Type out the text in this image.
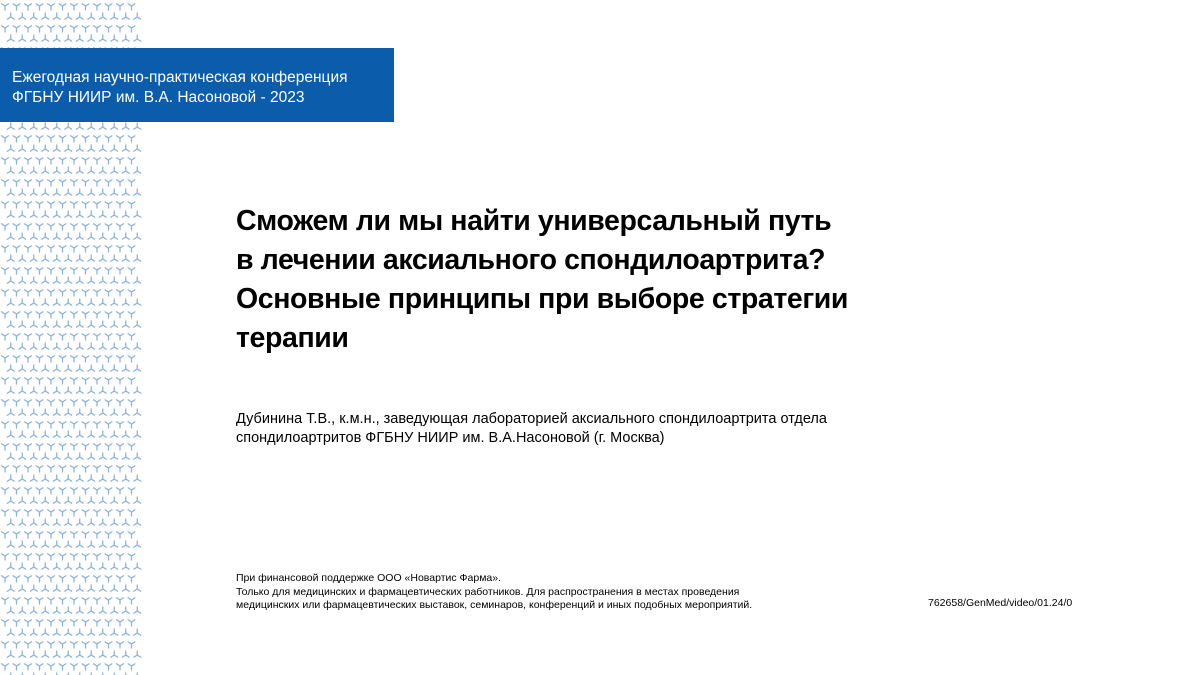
Ежегодная научно-практическая конференция
ФГБНУ НИИР им. В.А. Насоновой - 2023
Сможем ли мы найти универсальный путь
в лечении аксиального спондилоартрита?
Основные принципы при выборе стратегии
терапии
Дубинина Т.В., к.м.н., заведующая лабораторией аксиального спондилоартрита отдела
спондилоартритов ФГБНУ НИИР им. В.А.Насоновой (г. Москва)
При финансовой поддержке ООО «Новартис Фарма».
Только для медицинских и фармацевтических работников. Для распространения в местах проведения
медицинских или фармацевтических выставок, семинаров, конференций и иных подобных мероприятий.	762658/GenMed/video/01.24/0
